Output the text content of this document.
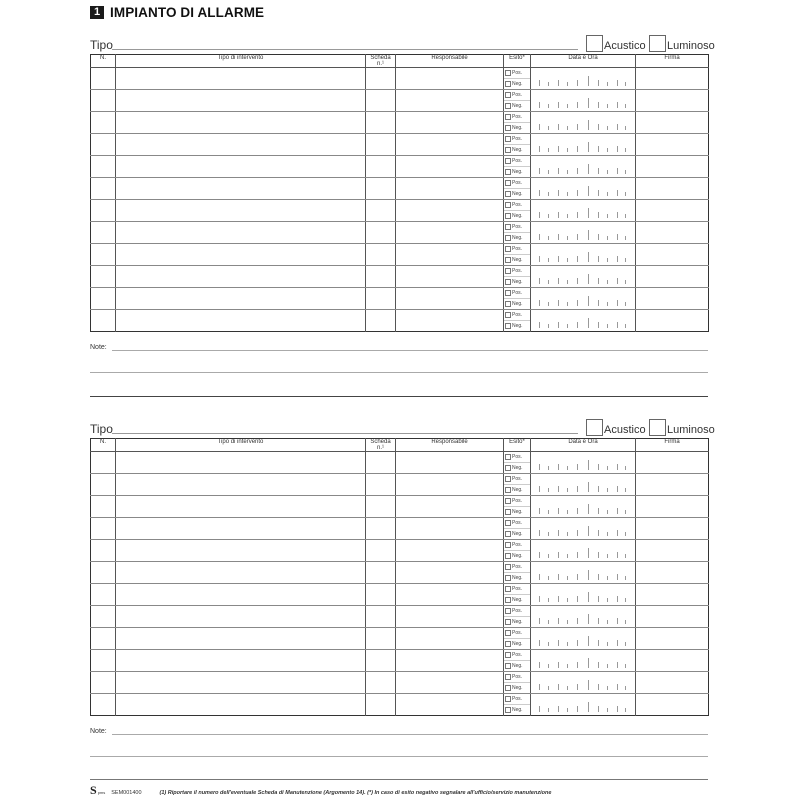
1 IMPIANTO DI ALLARME
Tipo	Acustico Luminoso
N.	Tipo di intervento	Scheda n.¹	Responsabile	Esito*	Data e Ora	Firma

				Pos.
Neg.		

				Pos.
Neg.		

				Pos.
Neg.		

				Pos.
Neg.		

				Pos.
Neg.		

				Pos.
Neg.		

				Pos.
Neg.		

				Pos.
Neg.		

				Pos.
Neg.		

				Pos.
Neg.		

				Pos.
Neg.		

				Pos.
Neg.		

Note:
Tipo	Acustico Luminoso
N.	Tipo di intervento	Scheda n.¹	Responsabile	Esito*	Data e Ora	Firma

				Pos.
Neg.		

				Pos.
Neg.		

				Pos.
Neg.		

				Pos.
Neg.		

				Pos.
Neg.		

				Pos.
Neg.		

				Pos.
Neg.		

				Pos.
Neg.		

				Pos.
Neg.		

				Pos.
Neg.		

				Pos.
Neg.		

				Pos.
Neg.		

Note:
S pms SEM001400	(1) Riportare il numero dell'eventuale Scheda di Manutenzione (Argomento 14). (*) In caso di esito negativo segnalare all'ufficio/servizio manutenzione
